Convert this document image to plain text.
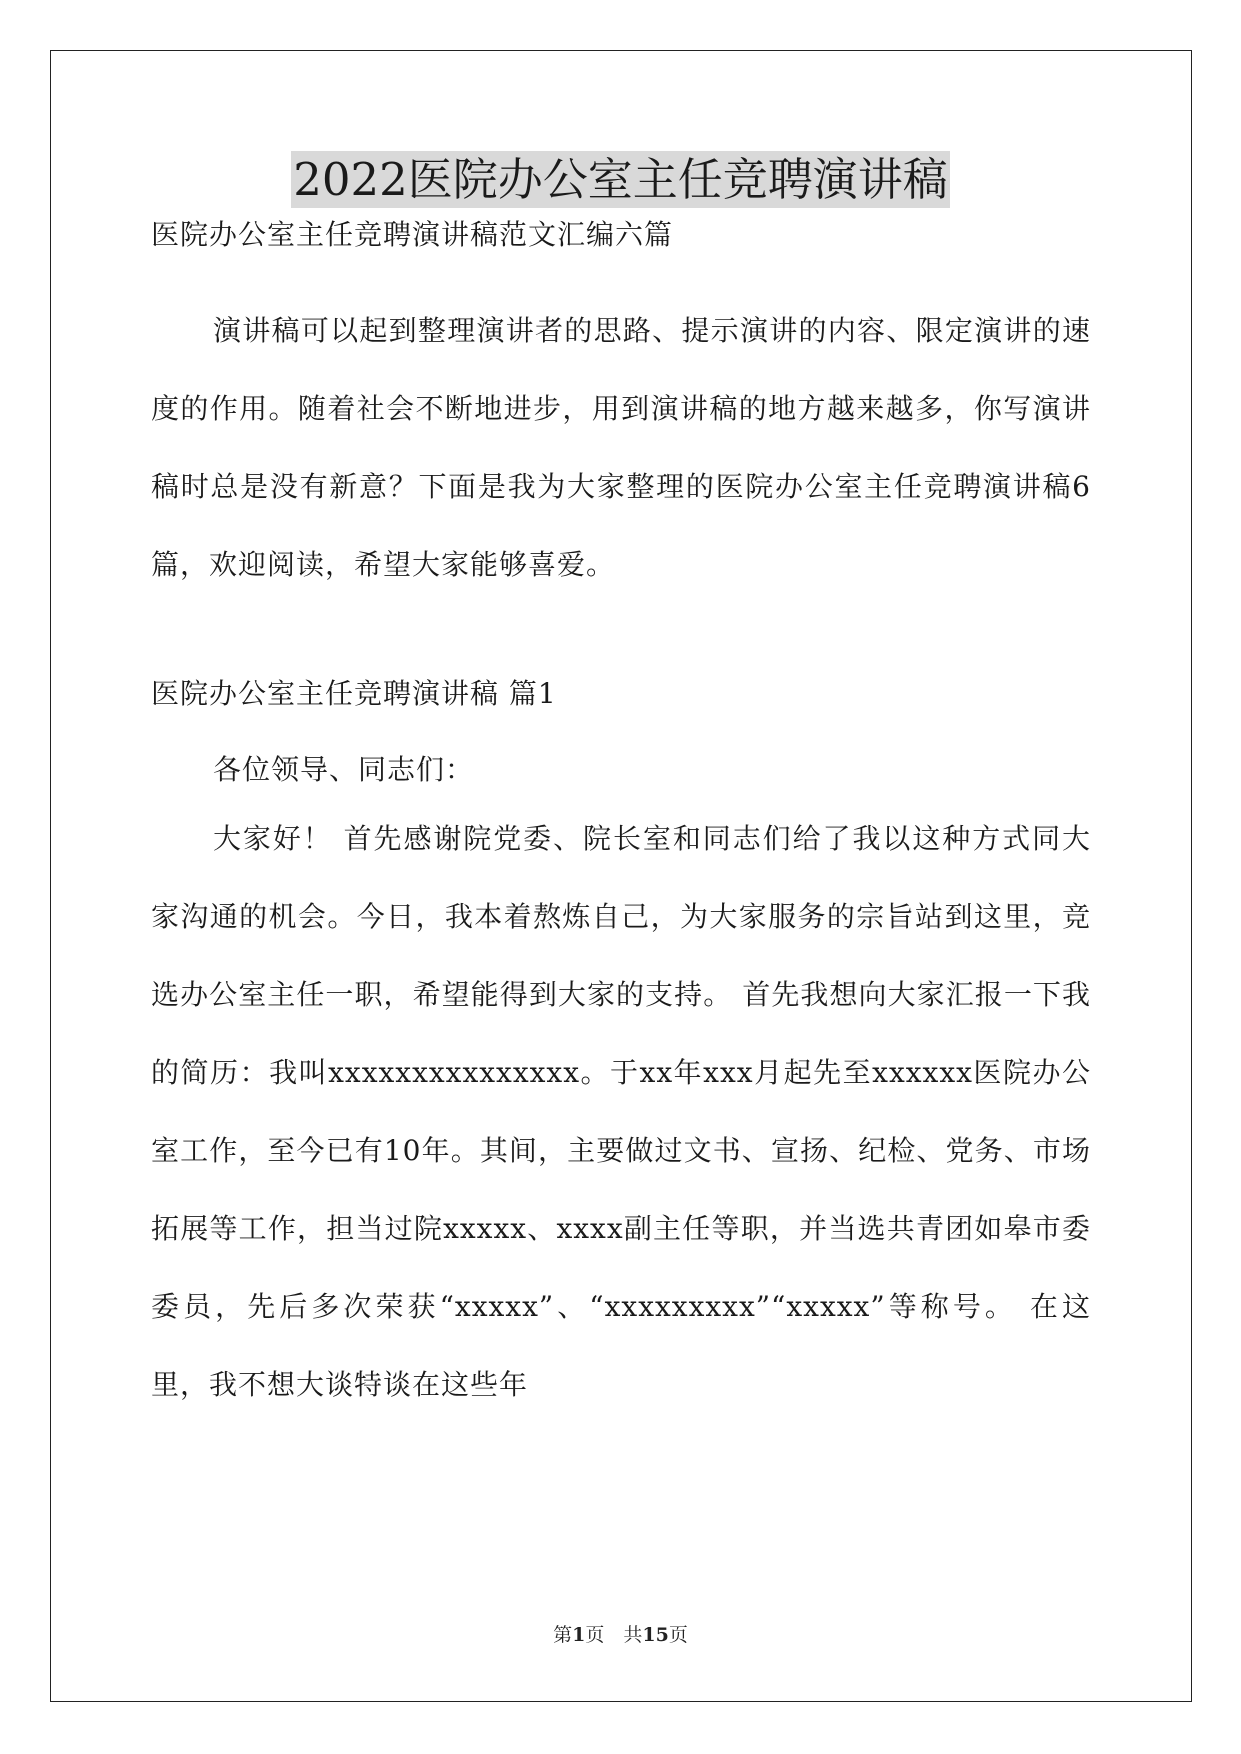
2022医院办公室主任竞聘演讲稿
医院办公室主任竞聘演讲稿范文汇编六篇
演讲稿可以起到整理演讲者的思路、提示演讲的内容、限定演讲的速度的作用。随着社会不断地进步，用到演讲稿的地方越来越多，你写演讲稿时总是没有新意？下面是我为大家整理的医院办公室主任竞聘演讲稿6篇，欢迎阅读，希望大家能够喜爱。
医院办公室主任竞聘演讲稿 篇1
各位领导、同志们：
大家好！ 首先感谢院党委、院长室和同志们给了我以这种方式同大家沟通的机会。今日，我本着熬炼自己，为大家服务的宗旨站到这里，竞选办公室主任一职，希望能得到大家的支持。 首先我想向大家汇报一下我的简历：我叫xxxxxxxxxxxxxxx。于xx年xxx月起先至xxxxxx医院办公室工作，至今已有10年。其间，主要做过文书、宣扬、纪检、党务、市场拓展等工作，担当过院xxxxx、xxxx副主任等职，并当选共青团如皋市委委员，先后多次荣获“xxxxx”、“xxxxxxxxx”“xxxxx”等称号。 在这里，我不想大谈特谈在这些年
第1页　共15页
